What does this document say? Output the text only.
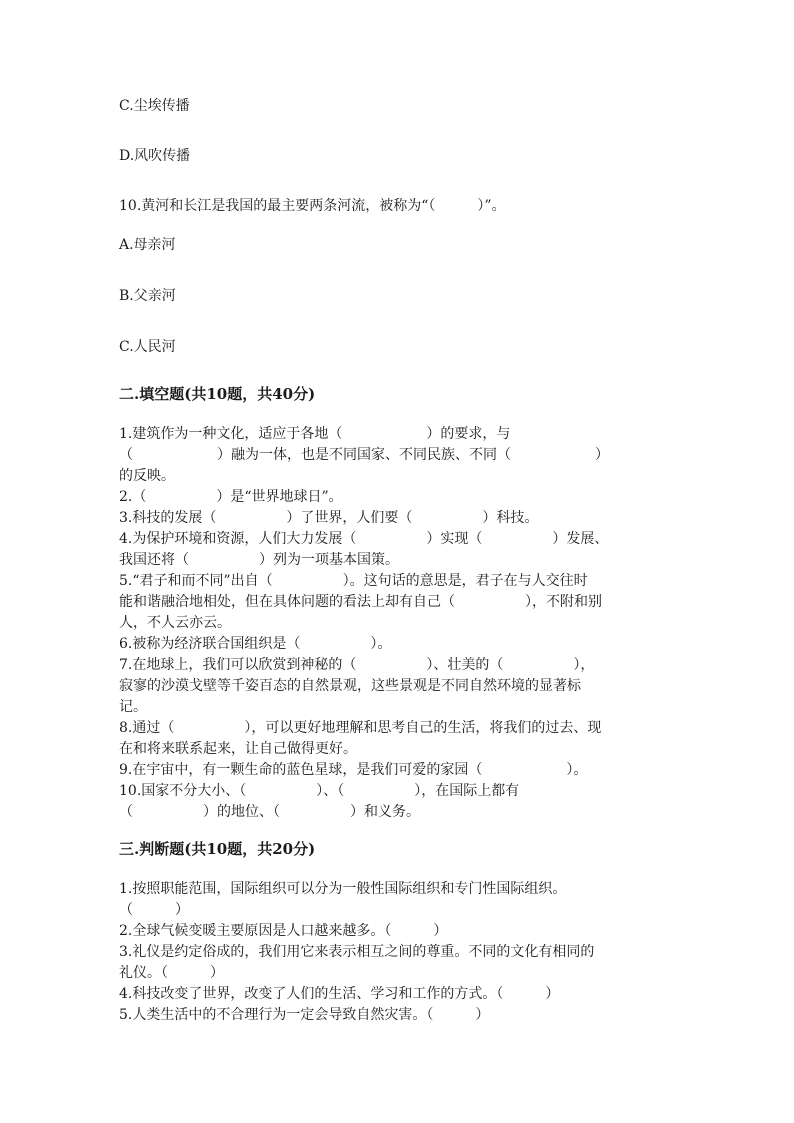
C.尘埃传播
D.风吹传播
10.黄河和长江是我国的最主要两条河流，被称为“（　　　）”。
A.母亲河
B.父亲河
C.人民河
二.填空题(共10题，共40分)
1.建筑作为一种文化，适应于各地（　　　　　　）的要求，与
（　　　　　　）融为一体，也是不同国家、不同民族、不同（　　　　　　）
的反映。
2.（　　　　　）是“世界地球日”。
3.科技的发展（　　　　　）了世界，人们要（　　　　　）科技。
4.为保护环境和资源，人们大力发展（　　　　　）实现（　　　　　）发展、
我国还将（　　　　　）列为一项基本国策。
5.“君子和而不同”出自（　　　　　）。这句话的意思是，君子在与人交往时
能和谐融洽地相处，但在具体问题的看法上却有自己（　　　　　），不附和别
人，不人云亦云。
6.被称为经济联合国组织是（　　　　　）。
7.在地球上，我们可以欣赏到神秘的（　　　　　）、壮美的（　　　　　），
寂寥的沙漠戈壁等千姿百态的自然景观，这些景观是不同自然环境的显著标
记。
8.通过（　　　　　），可以更好地理解和思考自己的生活，将我们的过去、现
在和将来联系起来，让自己做得更好。
9.在宇宙中，有一颗生命的蓝色星球，是我们可爱的家园（　　　　　　）。
10.国家不分大小、（　　　　　）、（　　　　　），在国际上都有
（　　　　　）的地位、（　　　　　）和义务。
三.判断题(共10题，共20分)
1.按照职能范围，国际组织可以分为一般性国际组织和专门性国际组织。
（　　　）
2.全球气候变暖主要原因是人口越来越多。（　　　）
3.礼仪是约定俗成的，我们用它来表示相互之间的尊重。不同的文化有相同的
礼仪。（　　　）
4.科技改变了世界，改变了人们的生活、学习和工作的方式。（　　　）
5.人类生活中的不合理行为一定会导致自然灾害。（　　　）
